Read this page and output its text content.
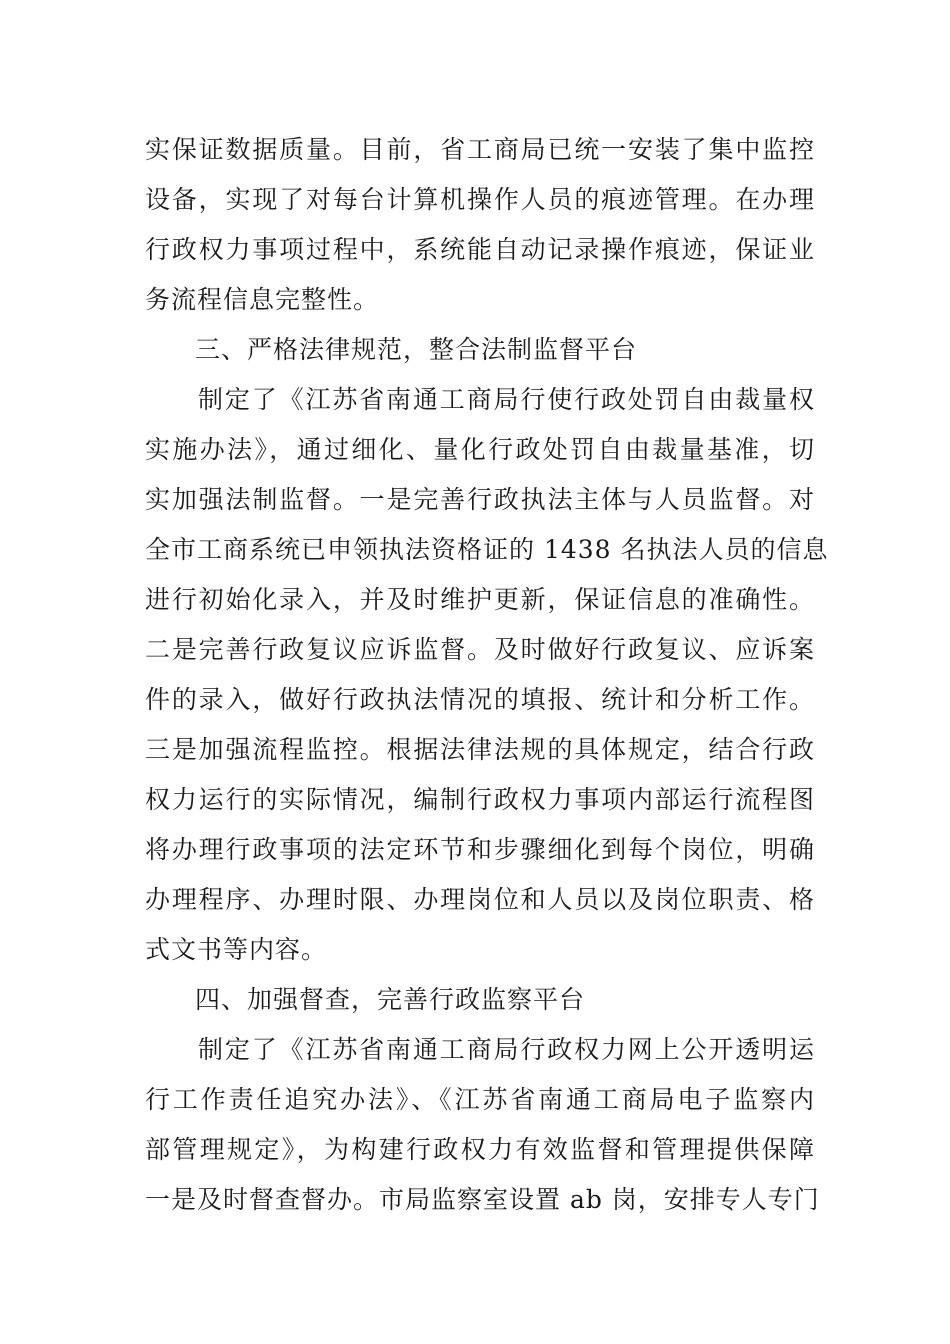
实保证数据质量。目前，省工商局已统一安装了集中监控
设备，实现了对每台计算机操作人员的痕迹管理。在办理
行政权力事项过程中，系统能自动记录操作痕迹，保证业
务流程信息完整性。
三、严格法律规范，整合法制监督平台
制定了《江苏省南通工商局行使行政处罚自由裁量权
实施办法》，通过细化、量化行政处罚自由裁量基准，切
实加强法制监督。一是完善行政执法主体与人员监督。对
全市工商系统已申领执法资格证的 1438 名执法人员的信息
进行初始化录入，并及时维护更新，保证信息的准确性。
二是完善行政复议应诉监督。及时做好行政复议、应诉案
件的录入，做好行政执法情况的填报、统计和分析工作。
三是加强流程监控。根据法律法规的具体规定，结合行政
权力运行的实际情况，编制行政权力事项内部运行流程图
将办理行政事项的法定环节和步骤细化到每个岗位，明确
办理程序、办理时限、办理岗位和人员以及岗位职责、格
式文书等内容。
四、加强督查，完善行政监察平台
制定了《江苏省南通工商局行政权力网上公开透明运
行工作责任追究办法》、《江苏省南通工商局电子监察内
部管理规定》，为构建行政权力有效监督和管理提供保障
一是及时督查督办。市局监察室设置 ab 岗，安排专人专门
